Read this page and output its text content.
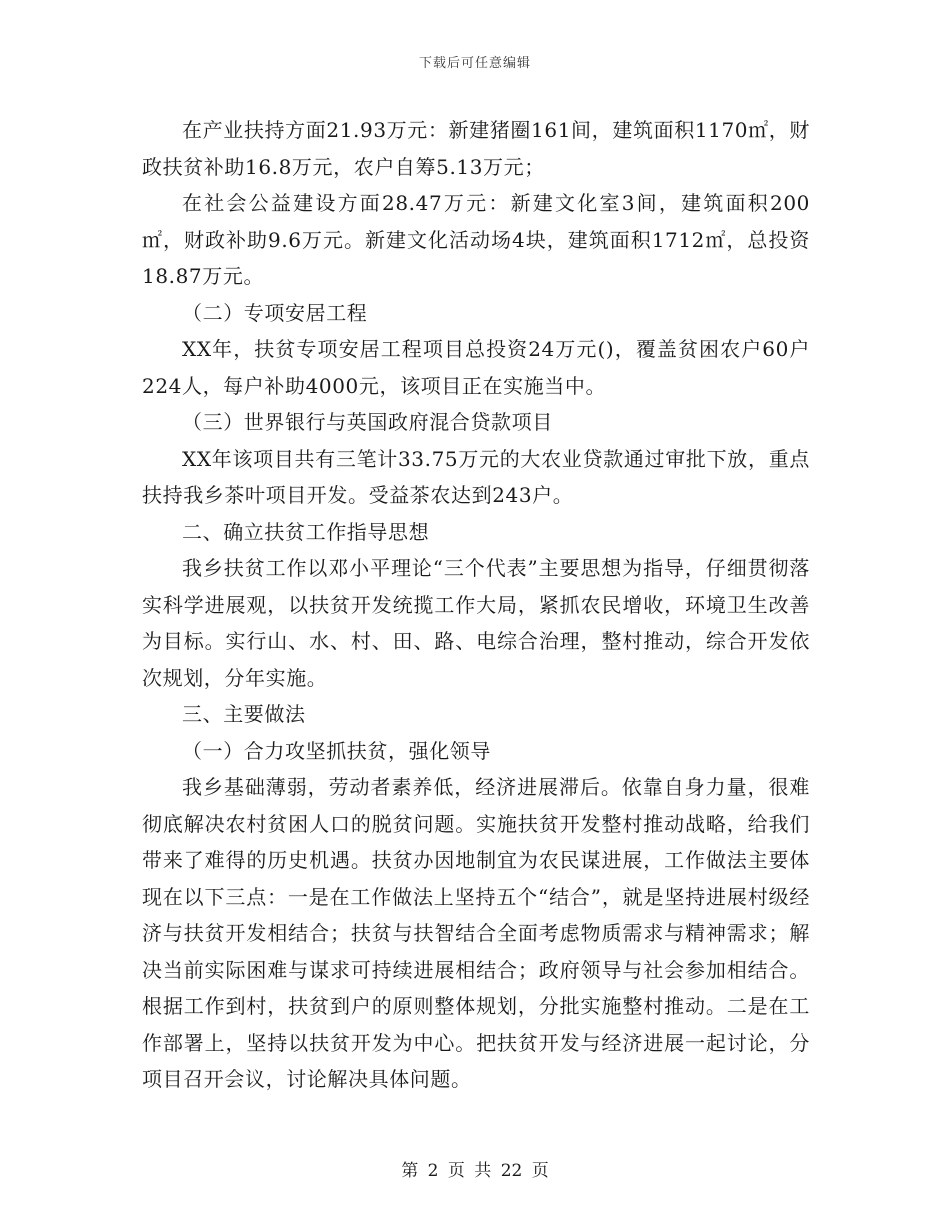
下载后可任意编辑

在产业扶持方面21.93万元：新建猪圈161间，建筑面积1170㎡，财政扶贫补助16.8万元，农户自筹5.13万元；

在社会公益建设方面28.47万元：新建文化室3间，建筑面积200㎡，财政补助9.6万元。新建文化活动场4块，建筑面积1712㎡，总投资18.87万元。

（二）专项安居工程

XX年，扶贫专项安居工程项目总投资24万元()，覆盖贫困农户60户224人，每户补助4000元，该项目正在实施当中。

（三）世界银行与英国政府混合贷款项目

XX年该项目共有三笔计33.75万元的大农业贷款通过审批下放，重点扶持我乡茶叶项目开发。受益茶农达到243户。

二、确立扶贫工作指导思想

我乡扶贫工作以邓小平理论“三个代表”主要思想为指导，仔细贯彻落实科学进展观，以扶贫开发统揽工作大局，紧抓农民增收，环境卫生改善为目标。实行山、水、村、田、路、电综合治理，整村推动，综合开发依次规划，分年实施。

三、主要做法

（一）合力攻坚抓扶贫，强化领导

我乡基础薄弱，劳动者素养低，经济进展滞后。依靠自身力量，很难彻底解决农村贫困人口的脱贫问题。实施扶贫开发整村推动战略，给我们带来了难得的历史机遇。扶贫办因地制宜为农民谋进展，工作做法主要体现在以下三点：一是在工作做法上坚持五个“结合”，就是坚持进展村级经济与扶贫开发相结合；扶贫与扶智结合全面考虑物质需求与精神需求；解决当前实际困难与谋求可持续进展相结合；政府领导与社会参加相结合。根据工作到村，扶贫到户的原则整体规划，分批实施整村推动。二是在工作部署上，坚持以扶贫开发为中心。把扶贫开发与经济进展一起讨论，分项目召开会议，讨论解决具体问题。

第 2 页 共 22 页
